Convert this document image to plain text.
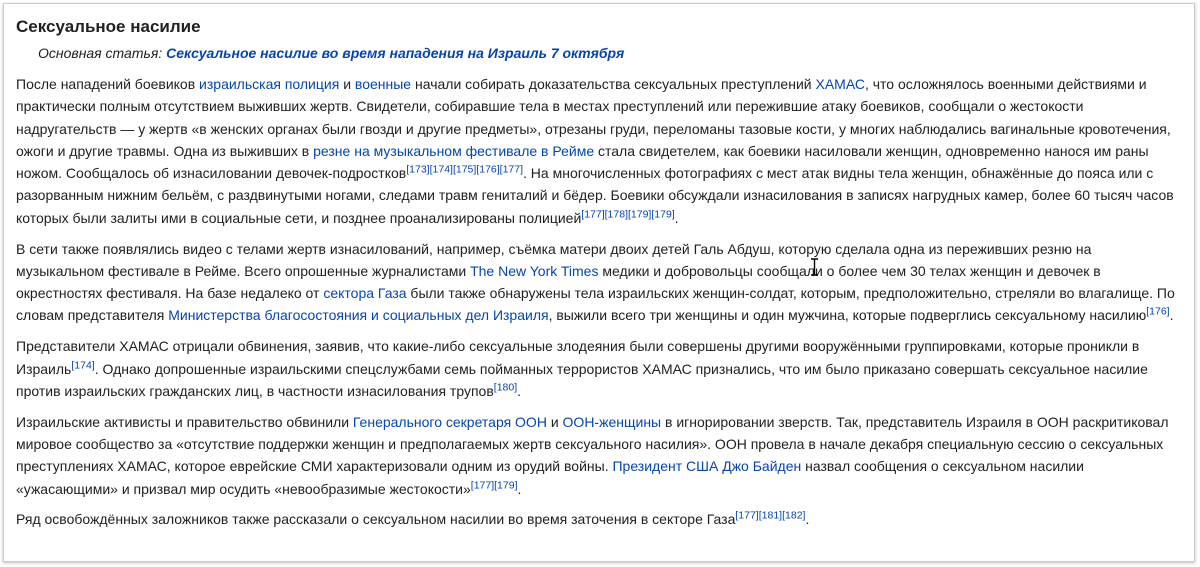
Сексуальное насилие
Основная статья: Сексуальное насилие во время нападения на Израиль 7 октября

После нападений боевиков израильская полиция и военные начали собирать доказательства сексуальных преступлений ХАМАС, что осложнялось военными действиями и практически полным отсутствием выживших жертв. Свидетели, собиравшие тела в местах преступлений или пережившие атаку боевиков, сообщали о жестокости надругательств — у жертв «в женских органах были гвозди и другие предметы», отрезаны груди, переломаны тазовые кости, у многих наблюдались вагинальные кровотечения, ожоги и другие травмы. Одна из выживших в резне на музыкальном фестивале в Рейме стала свидетелем, как боевики насиловали женщин, одновременно нанося им раны ножом. Сообщалось об изнасиловании девочек-подростков[173][174][175][176][177]. На многочисленных фотографиях с мест атак видны тела женщин, обнажённые до пояса или с разорванным нижним бельём, с раздвинутыми ногами, следами травм гениталий и бёдер. Боевики обсуждали изнасилования в записях нагрудных камер, более 60 тысяч часов которых были залиты ими в социальные сети, и позднее проанализированы полицией[177][178][179][179].

В сети также появлялись видео с телами жертв изнасилований, например, съёмка матери двоих детей Галь Абдуш, которую сделала одна из переживших резню на музыкальном фестивале в Рейме. Всего опрошенные журналистами The New York Times медики и добровольцы сообщали о более чем 30 телах женщин и девочек в окрестностях фестиваля. На базе недалеко от сектора Газа были также обнаружены тела израильских женщин-солдат, которым, предположительно, стреляли во влагалище. По словам представителя Министерства благосостояния и социальных дел Израиля, выжили всего три женщины и один мужчина, которые подверглись сексуальному насилию[176].

Представители ХАМАС отрицали обвинения, заявив, что какие-либо сексуальные злодеяния были совершены другими вооружёнными группировками, которые проникли в Израиль[174]. Однако допрошенные израильскими спецслужбами семь пойманных террористов ХАМАС признались, что им было приказано совершать сексуальное насилие против израильских гражданских лиц, в частности изнасилования трупов[180].

Израильские активисты и правительство обвинили Генерального секретаря ООН и ООН-женщины в игнорировании зверств. Так, представитель Израиля в ООН раскритиковал мировое сообщество за «отсутствие поддержки женщин и предполагаемых жертв сексуального насилия». ООН провела в начале декабря специальную сессию о сексуальных преступлениях ХАМАС, которое еврейские СМИ характеризовали одним из орудий войны. Президент США Джо Байден назвал сообщения о сексуальном насилии «ужасающими» и призвал мир осудить «невообразимые жестокости»[177][179].

Ряд освобождённых заложников также рассказали о сексуальном насилии во время заточения в секторе Газа[177][181][182].
